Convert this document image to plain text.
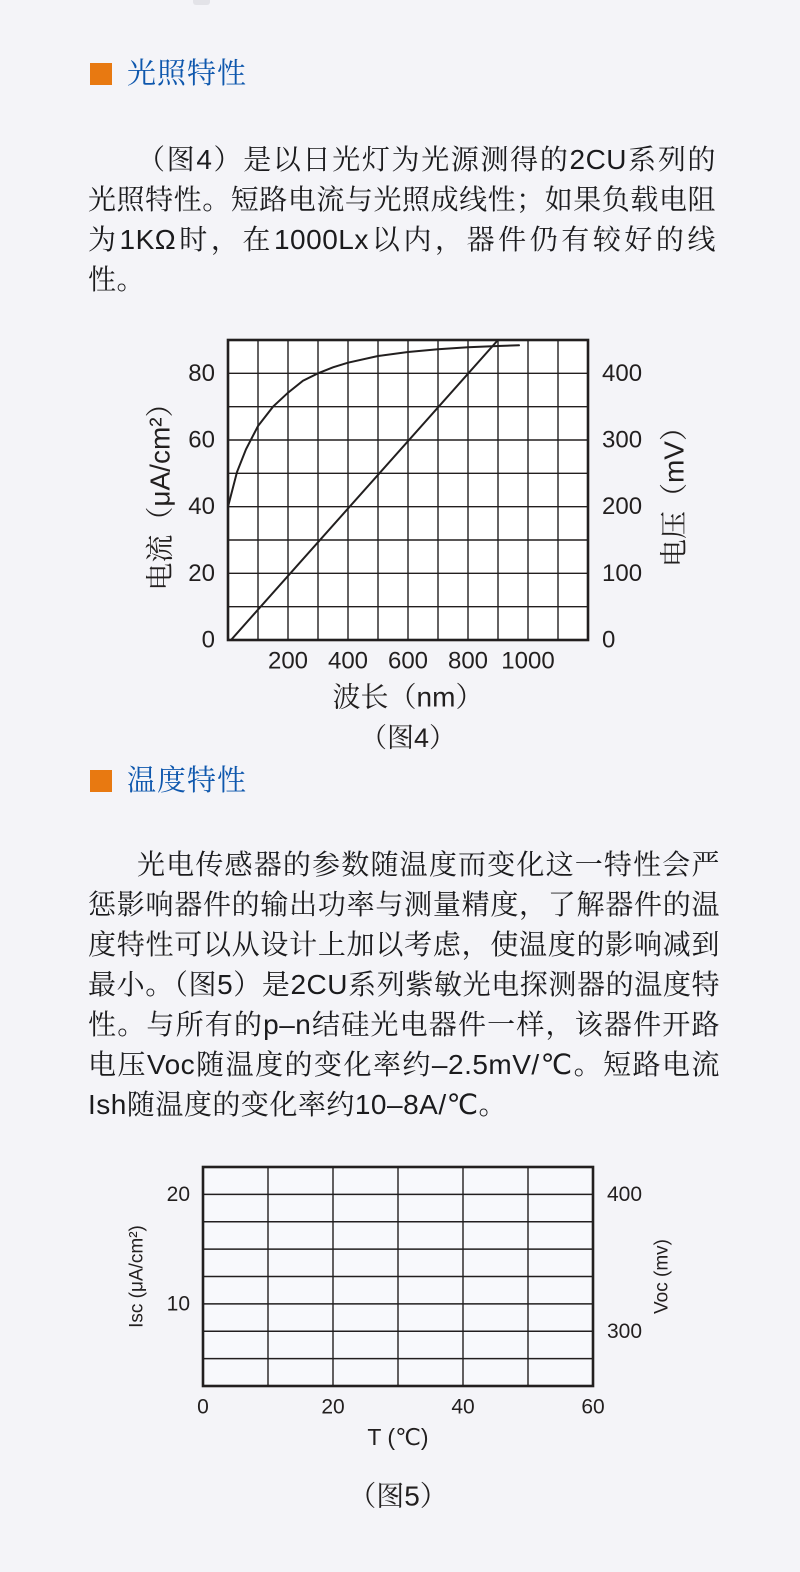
光照特性

（图4）是以日光灯为光源测得的2CU系列的光照特性。短路电流与光照成线性；如果负载电阻为1KΩ时，在1000Lx以内，器件仍有较好的线性。

温度特性

光电传感器的参数随温度而变化这一特性会严惩影响器件的输出功率与测量精度，了解器件的温度特性可以从设计上加以考虑，使温度的影响减到最小。（图5）是2CU系列紫敏光电探测器的温度特性。与所有的p–n结硅光电器件一样，该器件开路电压Voc随温度的变化率约–2.5mV/℃。短路电流Ish随温度的变化率约10–8A/℃。

200 400 600 800 1000
0
20
40
60
80
0
100
200
300
400
波长（nm）
（图4）
电流（μA/cm²）	电压（mV）
0	20	40	60
20
10
400
300
T (℃)
（图5）
Isc (μA/cm²)	Voc (mv)
